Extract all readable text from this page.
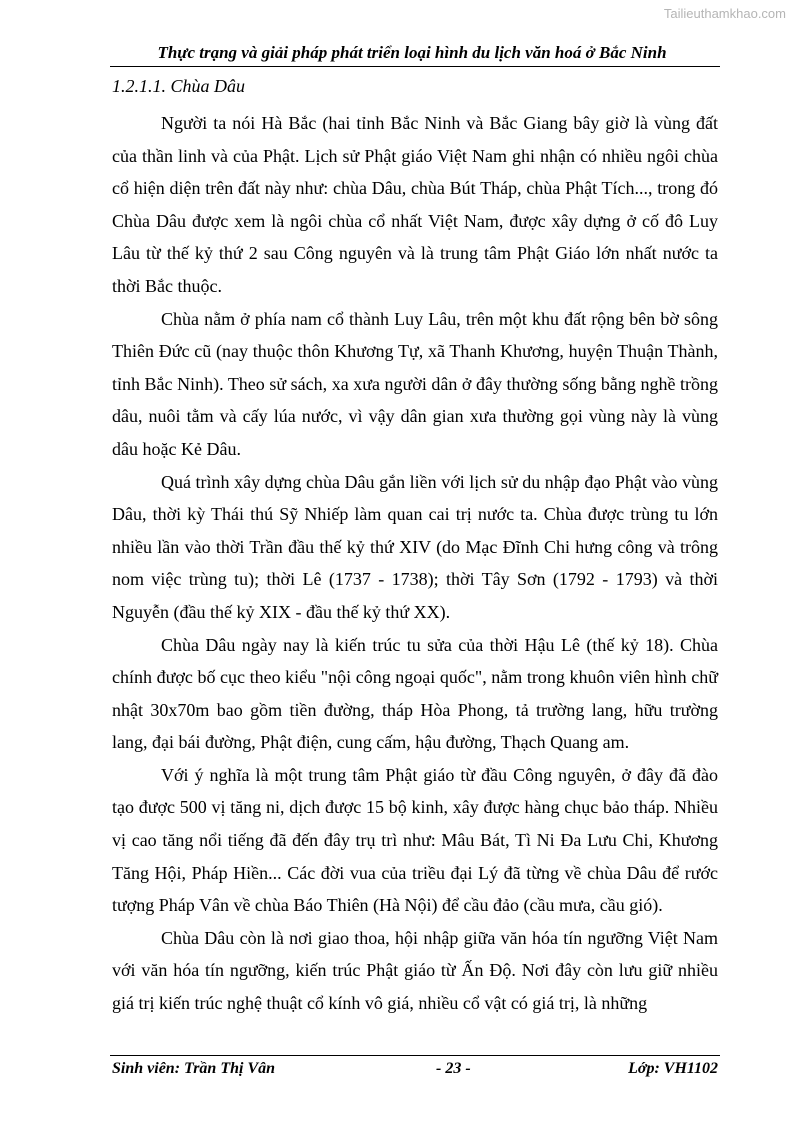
Tailieuthamkhao.com
Thực trạng và giải pháp phát triển loại hình du lịch văn hoá ở Bắc Ninh
1.2.1.1. Chùa Dâu

Người ta nói Hà Bắc (hai tỉnh Bắc Ninh và Bắc Giang bây giờ là vùng đất của thần linh và của Phật. Lịch sử Phật giáo Việt Nam ghi nhận có nhiều ngôi chùa cổ hiện diện trên đất này như: chùa Dâu, chùa Bút Tháp, chùa Phật Tích..., trong đó Chùa Dâu được xem là ngôi chùa cổ nhất Việt Nam, được xây dựng ở cố đô Luy Lâu từ thế kỷ thứ 2 sau Công nguyên và là trung tâm Phật Giáo lớn nhất nước ta thời Bắc thuộc.

Chùa nằm ở phía nam cổ thành Luy Lâu, trên một khu đất rộng bên bờ sông Thiên Đức cũ (nay thuộc thôn Khương Tự, xã Thanh Khương, huyện Thuận Thành, tỉnh Bắc Ninh). Theo sử sách, xa xưa người dân ở đây thường sống bằng nghề trồng dâu, nuôi tằm và cấy lúa nước, vì vậy dân gian xưa thường gọi vùng này là vùng dâu hoặc Kẻ Dâu.

Quá trình xây dựng chùa Dâu gắn liền với lịch sử du nhập đạo Phật vào vùng Dâu, thời kỳ Thái thú Sỹ Nhiếp làm quan cai trị nước ta. Chùa được trùng tu lớn nhiều lần vào thời Trần đầu thế kỷ thứ XIV (do Mạc Đĩnh Chi hưng công và trông nom việc trùng tu); thời Lê (1737 - 1738); thời Tây Sơn (1792 - 1793) và thời Nguyễn (đầu thế kỷ XIX - đầu thế kỷ thứ XX).

Chùa Dâu ngày nay là kiến trúc tu sửa của thời Hậu Lê (thế kỷ 18). Chùa chính được bố cục theo kiểu "nội công ngoại quốc", nằm trong khuôn viên hình chữ nhật 30x70m bao gồm tiền đường, tháp Hòa Phong, tả trường lang, hữu trường lang, đại bái đường, Phật điện, cung cấm, hậu đường, Thạch Quang am.

Với ý nghĩa là một trung tâm Phật giáo từ đầu Công nguyên, ở đây đã đào tạo được 500 vị tăng ni, dịch được 15 bộ kinh, xây được hàng chục bảo tháp. Nhiều vị cao tăng nổi tiếng đã đến đây trụ trì như: Mâu Bát, Tì Ni Đa Lưu Chi, Khương Tăng Hội, Pháp Hiền... Các đời vua của triều đại Lý đã từng về chùa Dâu để rước tượng Pháp Vân về chùa Báo Thiên (Hà Nội) để cầu đảo (cầu mưa, cầu gió).

Chùa Dâu còn là nơi giao thoa, hội nhập giữa văn hóa tín ngưỡng Việt Nam với văn hóa tín ngưỡng, kiến trúc Phật giáo từ Ấn Độ. Nơi đây còn lưu giữ nhiều giá trị kiến trúc nghệ thuật cổ kính vô giá, nhiều cổ vật có giá trị, là những

Sinh viên: Trần Thị Vân	- 23 -	Lớp: VH1102
